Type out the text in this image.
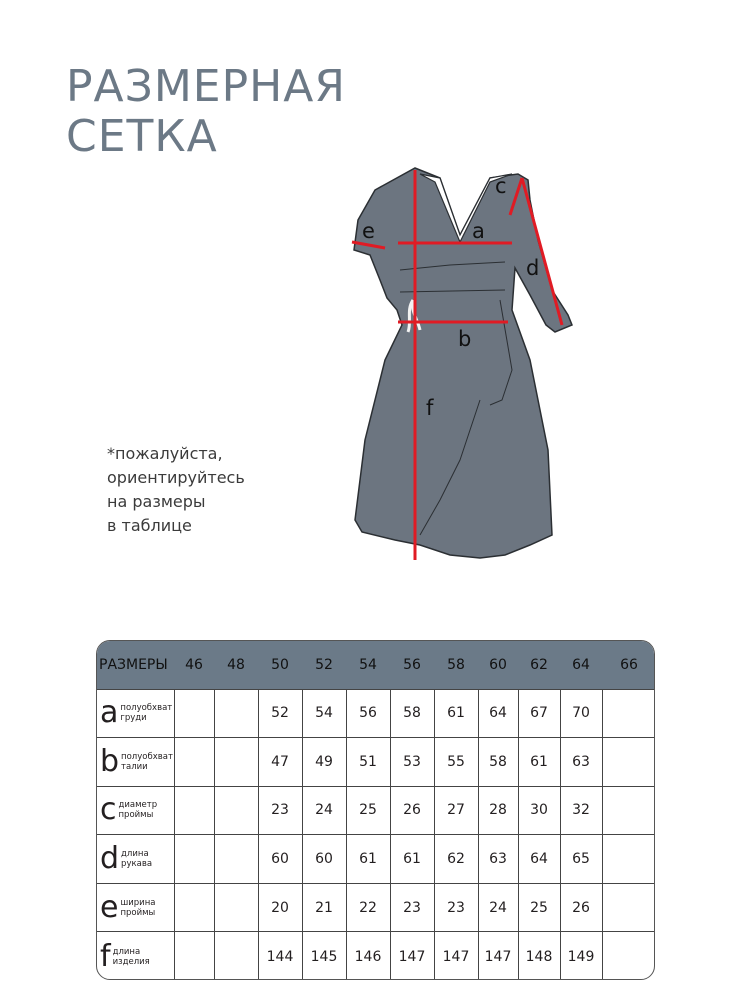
РАЗМЕРНАЯ
СЕТКА
a
b
c
d
e
f
*пожалуйста,
ориентируйтесь
на размеры
в таблице
РАЗМЕРЫ	46	48	50	52	54	56	58	60	62	64	66
a полуобхват
груди			52	54	56	58	61	64	67	70	
b полуобхват
талии			47	49	51	53	55	58	61	63	
c диаметр
проймы			23	24	25	26	27	28	30	32	
d длина
рукава			60	60	61	61	62	63	64	65	
e ширина
проймы			20	21	22	23	23	24	25	26	
f длина
изделия			144	145	146	147	147	147	148	149	
